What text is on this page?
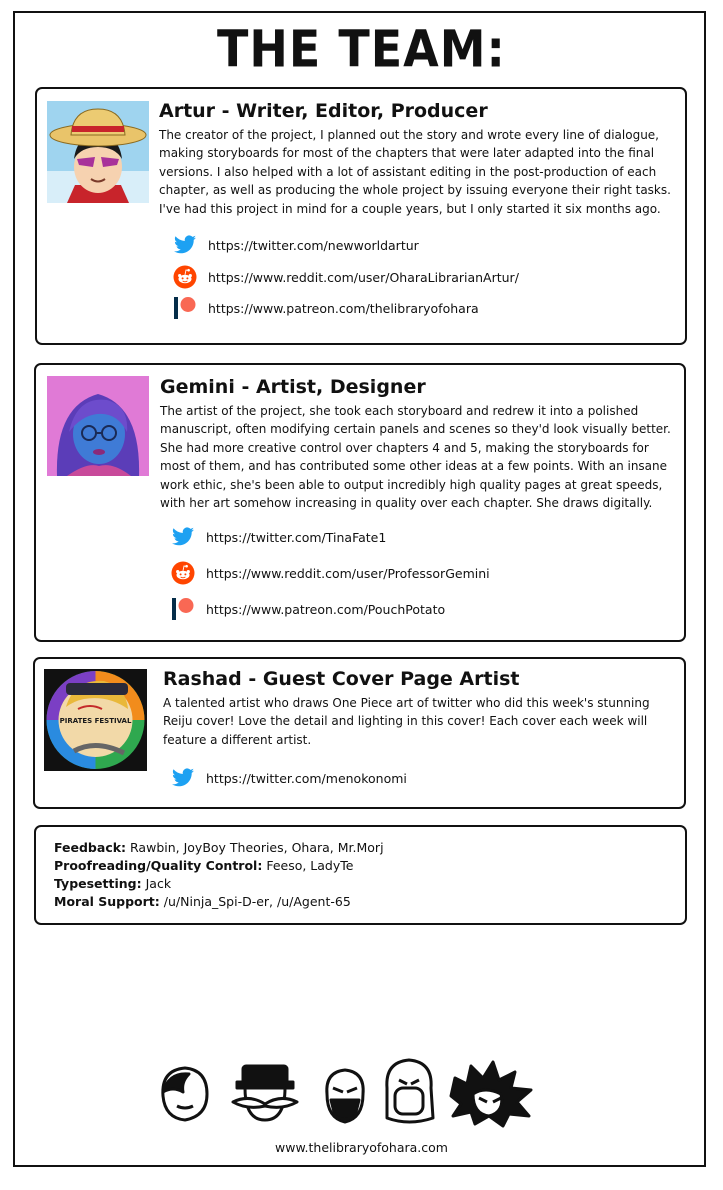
THE TEAM:
Artur - Writer, Editor, Producer
The creator of the project, I planned out the story and wrote every line of dialogue, making storyboards for most of the chapters that were later adapted into the final versions. I also helped with a lot of assistant editing in the post-production of each chapter, as well as producing the whole project by issuing everyone their right tasks. I've had this project in mind for a couple years, but I only started it six months ago.
https://twitter.com/newworldartur
https://www.reddit.com/user/OharaLibrarianArtur/
https://www.patreon.com/thelibraryofohara
Gemini - Artist, Designer
The artist of the project, she took each storyboard and redrew it into a polished manuscript, often modifying certain panels and scenes so they'd look visually better. She had more creative control over chapters 4 and 5, making the storyboards for most of them, and has contributed some other ideas at a few points. With an insane work ethic, she's been able to output incredibly high quality pages at great speeds, with her art somehow increasing in quality over each chapter. She draws digitally.
https://twitter.com/TinaFate1
https://www.reddit.com/user/ProfessorGemini
https://www.patreon.com/PouchPotato
PIRATES FESTIVAL
Rashad - Guest Cover Page Artist
A talented artist who draws One Piece art of twitter who did this week's stunning Reiju cover! Love the detail and lighting in this cover! Each cover each week will feature a different artist.
https://twitter.com/menokonomi
Feedback: Rawbin, JoyBoy Theories, Ohara, Mr.Morj
Proofreading/Quality Control: Feeso, LadyTe
Typesetting: Jack
Moral Support: /u/Ninja_Spi-D-er, /u/Agent-65
www.thelibraryofohara.com
